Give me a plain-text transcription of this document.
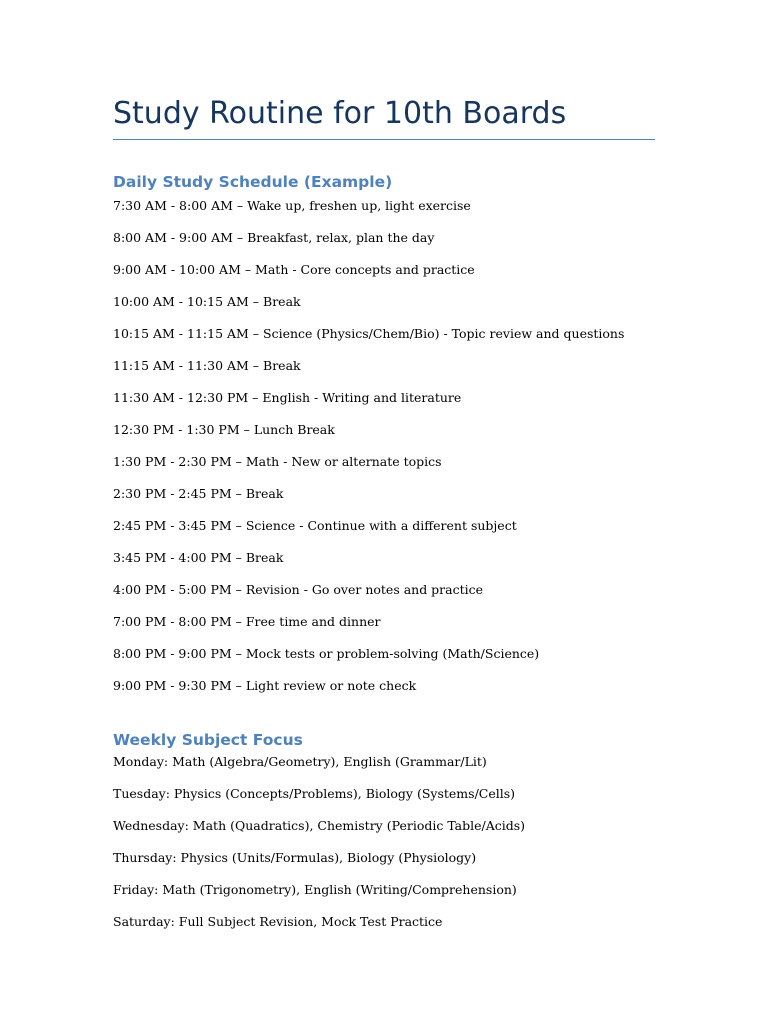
Study Routine for 10th Boards
Daily Study Schedule (Example)
7:30 AM - 8:00 AM – Wake up, freshen up, light exercise
8:00 AM - 9:00 AM – Breakfast, relax, plan the day
9:00 AM - 10:00 AM – Math - Core concepts and practice
10:00 AM - 10:15 AM – Break
10:15 AM - 11:15 AM – Science (Physics/Chem/Bio) - Topic review and questions
11:15 AM - 11:30 AM – Break
11:30 AM - 12:30 PM – English - Writing and literature
12:30 PM - 1:30 PM – Lunch Break
1:30 PM - 2:30 PM – Math - New or alternate topics
2:30 PM - 2:45 PM – Break
2:45 PM - 3:45 PM – Science - Continue with a different subject
3:45 PM - 4:00 PM – Break
4:00 PM - 5:00 PM – Revision - Go over notes and practice
7:00 PM - 8:00 PM – Free time and dinner
8:00 PM - 9:00 PM – Mock tests or problem-solving (Math/Science)
9:00 PM - 9:30 PM – Light review or note check
Weekly Subject Focus
Monday: Math (Algebra/Geometry), English (Grammar/Lit)
Tuesday: Physics (Concepts/Problems), Biology (Systems/Cells)
Wednesday: Math (Quadratics), Chemistry (Periodic Table/Acids)
Thursday: Physics (Units/Formulas), Biology (Physiology)
Friday: Math (Trigonometry), English (Writing/Comprehension)
Saturday: Full Subject Revision, Mock Test Practice
